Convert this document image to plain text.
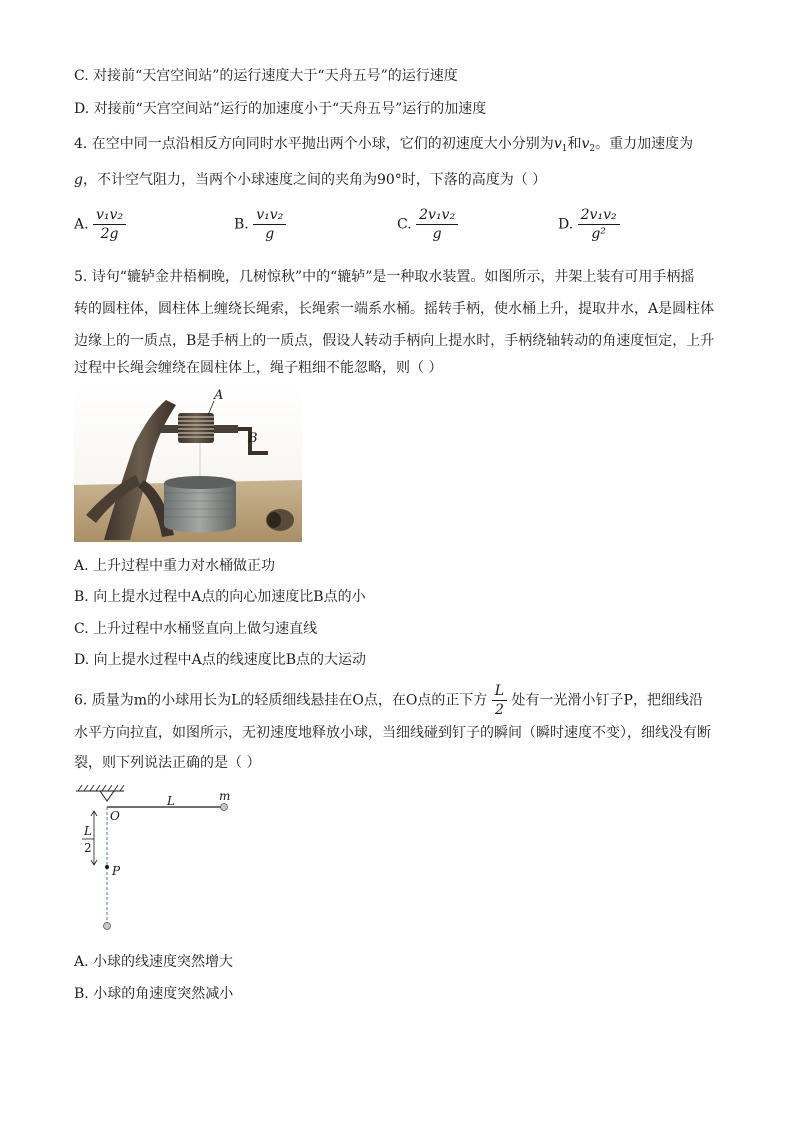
C. 对接前“天宫空间站”的运行速度大于“天舟五号”的运行速度
D. 对接前“天宫空间站”运行的加速度小于“天舟五号”运行的加速度
4. 在空中同一点沿相反方向同时水平抛出两个小球，它们的初速度大小分别为$v_1$和$v_2$。重力加速度为
g，不计空气阻力，当两个小球速度之间的夹角为90°时，下落的高度为（ ）
A. $\frac{\text{v₁v₂}}{2g}$	B. $\frac{\text{v₁v₂}}{g}$	C. $\frac{\text{2v₁v₂}}{g}$	D. $\frac{\text{2v₁v₂}}{\text{g²}}$
5. 诗句“辘轳金井梧桐晚，几树惊秋”中的“辘轳”是一种取水装置。如图所示，井架上装有可用手柄摇
转的圆柱体，圆柱体上缠绕长绳索，长绳索一端系水桶。摇转手柄，使水桶上升，提取井水，A是圆柱体
边缘上的一质点，B是手柄上的一质点，假设人转动手柄向上提水时，手柄绕轴转动的角速度恒定，上升
过程中长绳会缠绕在圆柱体上，绳子粗细不能忽略，则（ ）
A
B
A. 上升过程中重力对水桶做正功
B. 向上提水过程中A点的向心加速度比B点的小
C. 上升过程中水桶竖直向上做匀速直线
D. 向上提水过程中A点的线速度比B点的大运动
6. 质量为m的小球用长为L的轻质细线悬挂在O点，在O点的正下方 $\frac{L}{2}$ 处有一光滑小钉子P，把细线沿
水平方向拉直，如图所示，无初速度地释放小球，当细线碰到钉子的瞬间（瞬时速度不变），细线没有断
裂，则下列说法正确的是（ ）
L
2
L	m
O
P
A. 小球的线速度突然增大
B. 小球的角速度突然减小
